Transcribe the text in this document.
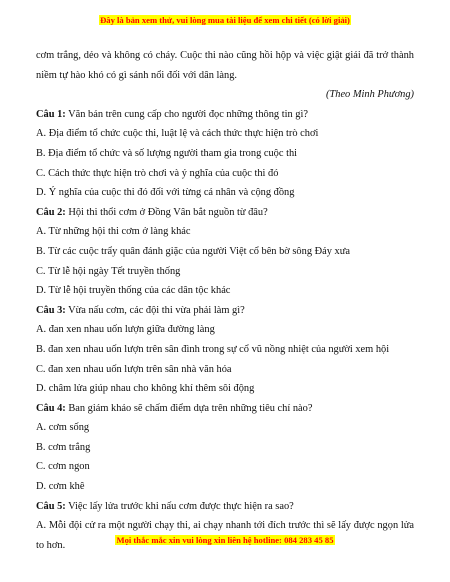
Đây là bản xem thử, vui lòng mua tài liệu để xem chi tiết (có lời giải)

cơm trắng, dẻo và không có cháy. Cuộc thi nào cũng hồi hộp và việc giật giải đã trở thành niềm tự hào khó có gì sánh nổi đối với dân làng.

(Theo Minh Phương)

Câu 1: Văn bản trên cung cấp cho người đọc những thông tin gì?

A. Địa điểm tổ chức cuộc thi, luật lệ và cách thức thực hiện trò chơi

B. Địa điểm tổ chức và số lượng người tham gia trong cuộc thi

C. Cách thức thực hiện trò chơi và ý nghĩa của cuộc thi đó

D. Ý nghĩa của cuộc thi đó đối với từng cá nhân và cộng đồng

Câu 2: Hội thi thổi cơm ở Đồng Vân bắt nguồn từ đâu?

A. Từ những hội thi cơm ở làng khác

B. Từ các cuộc trẩy quân đánh giặc của người Việt cổ bên bờ sông Đáy xưa

C. Từ lễ hội ngày Tết truyền thống

D. Từ lễ hội truyền thống của các dân tộc khác

Câu 3: Vừa nấu cơm, các đội thi vừa phải làm gì?

A. đan xen nhau uốn lượn giữa đường làng

B. đan xen nhau uốn lượn trên sân đình trong sự cổ vũ nồng nhiệt của người xem hội

C. đan xen nhau uốn lượn trên sân nhà văn hóa

D. châm lửa giúp nhau cho không khí thêm sôi động

Câu 4: Ban giám khảo sẽ chấm điểm dựa trên những tiêu chí nào?

A. cơm sống

B. cơm trắng

C. cơm ngon

D. cơm khê

Câu 5: Việc lấy lửa trước khi nấu cơm được thực hiện ra sao?

A. Mỗi đội cử ra một người chạy thi, ai chạy nhanh tới đích trước thì sẽ lấy được ngọn lửa to hơn.	Mọi thắc mắc xin vui lòng xin liên hệ hotline: 084 283 45 85
